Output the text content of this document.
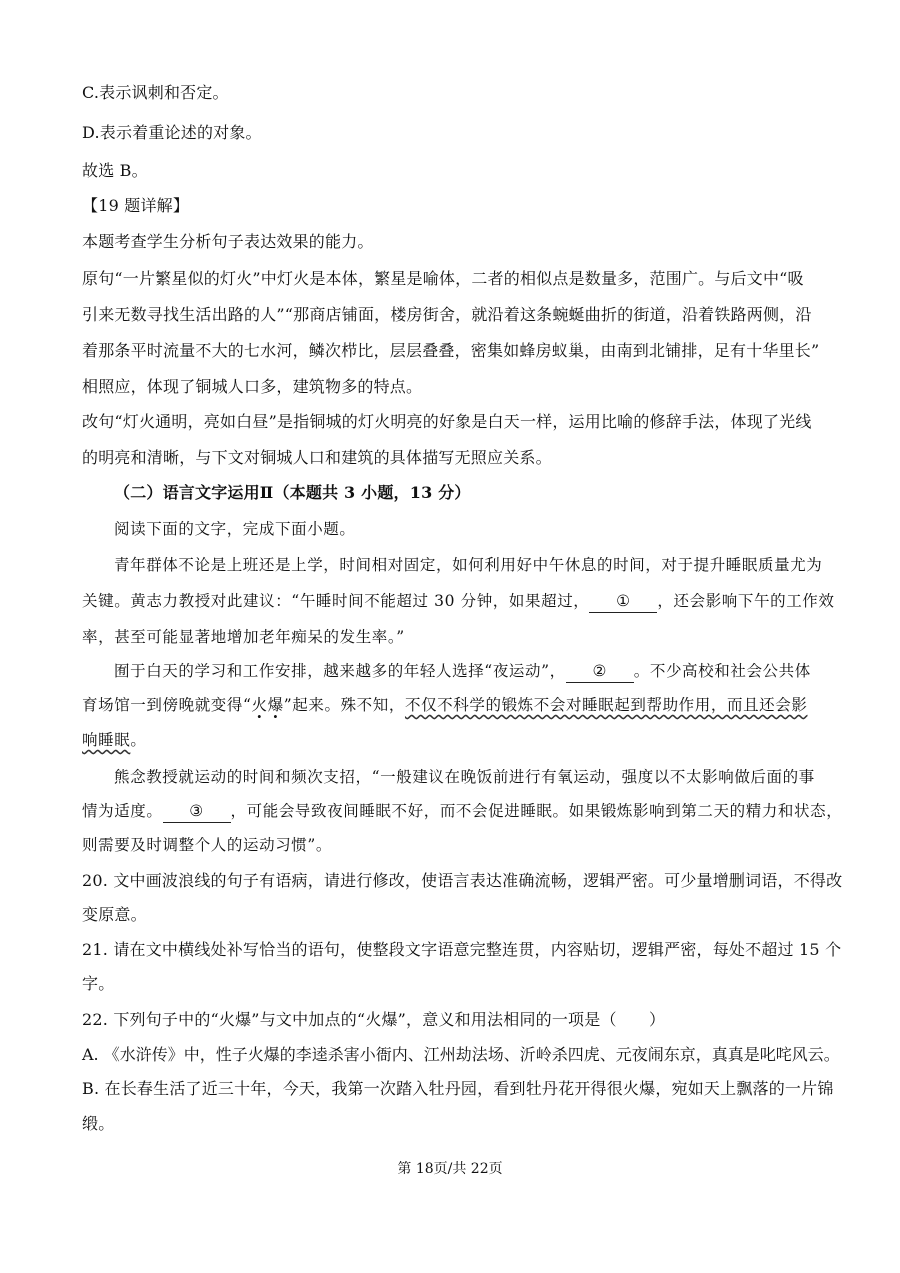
C.表示讽刺和否定。
D.表示着重论述的对象。
故选 B。
【19 题详解】
本题考查学生分析句子表达效果的能力。
原句“一片繁星似的灯火”中灯火是本体，繁星是喻体，二者的相似点是数量多，范围广。与后文中“吸
引来无数寻找生活出路的人”“那商店铺面，楼房街舍，就沿着这条蜿蜒曲折的街道，沿着铁路两侧，沿
着那条平时流量不大的七水河，鳞次栉比，层层叠叠，密集如蜂房蚁巢，由南到北铺排，足有十华里长”
相照应，体现了铜城人口多，建筑物多的特点。
改句“灯火通明，亮如白昼”是指铜城的灯火明亮的好象是白天一样，运用比喻的修辞手法，体现了光线
的明亮和清晰，与下文对铜城人口和建筑的具体描写无照应关系。
（二）语言文字运用Ⅱ（本题共 3 小题，13 分）
阅读下面的文字，完成下面小题。
青年群体不论是上班还是上学，时间相对固定，如何利用好中午休息的时间，对于提升睡眠质量尤为
关键。黄志力教授对此建议：“午睡时间不能超过 30 分钟，如果超过， ① ，还会影响下午的工作效
率，甚至可能显著地增加老年痴呆的发生率。”
囿于白天的学习和工作安排，越来越多的年轻人选择“夜运动”， ② 。不少高校和社会公共体
育场馆一到傍晚就变得“火爆”起来。殊不知，不仅不科学的锻炼不会对睡眠起到帮助作用，而且还会影
响睡眠。
熊念教授就运动的时间和频次支招，“一般建议在晚饭前进行有氧运动，强度以不太影响做后面的事
情为适度。 ③ ，可能会导致夜间睡眠不好，而不会促进睡眠。如果锻炼影响到第二天的精力和状态，
则需要及时调整个人的运动习惯”。
20. 文中画波浪线的句子有语病，请进行修改，使语言表达准确流畅，逻辑严密。可少量增删词语，不得改
变原意。
21. 请在文中横线处补写恰当的语句，使整段文字语意完整连贯，内容贴切，逻辑严密，每处不超过 15 个
字。
22. 下列句子中的“火爆”与文中加点的“火爆”，意义和用法相同的一项是（　　）
A. 《水浒传》中，性子火爆的李逵杀害小衙内、江州劫法场、沂岭杀四虎、元夜闹东京，真真是叱咤风云。
B. 在长春生活了近三十年，今天，我第一次踏入牡丹园，看到牡丹花开得很火爆，宛如天上飘落的一片锦
缎。
第 18页/共 22页
